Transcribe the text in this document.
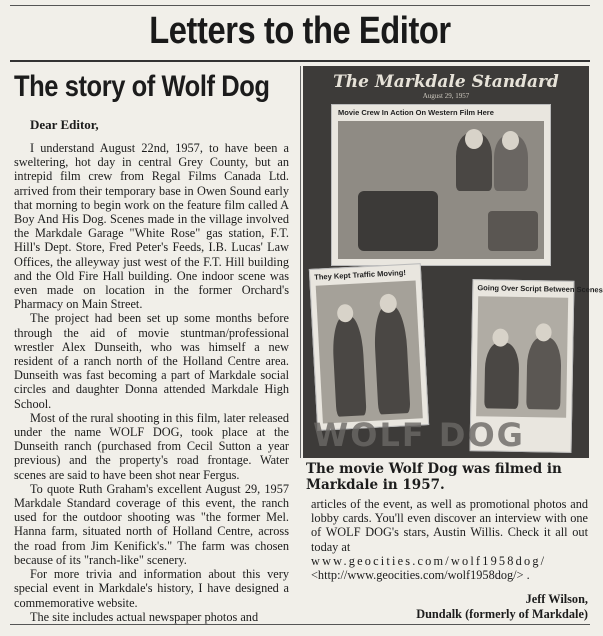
Letters to the Editor
The story of Wolf Dog
Dear Editor,

I understand August 22nd, 1957, to have been a sweltering, hot day in central Grey County, but an intrepid film crew from Regal Films Canada Ltd. arrived from their temporary base in Owen Sound early that morning to begin work on the feature film called A Boy And His Dog. Scenes made in the village involved the Markdale Garage "White Rose" gas station, F.T. Hill's Dept. Store, Fred Peter's Feeds, I.B. Lucas' Law Offices, the alleyway just west of the F.T. Hill building and the Old Fire Hall building. One indoor scene was even made on location in the former Orchard's Pharmacy on Main Street.

The project had been set up some months before through the aid of movie stuntman/professional wrestler Alex Dunseith, who was himself a new resident of a ranch north of the Holland Centre area. Dunseith was fast becoming a part of Markdale social circles and daughter Donna attended Markdale High School.

Most of the rural shooting in this film, later released under the name WOLF DOG, took place at the Dunseith ranch (purchased from Cecil Sutton a year previous) and the property's road frontage. Water scenes are said to have been shot near Fergus.

To quote Ruth Graham's excellent August 29, 1957 Markdale Standard coverage of this event, the ranch used for the outdoor shooting was "the former Mel. Hanna farm, situated north of Holland Centre, across the road from Jim Kenifick's." The farm was chosen because of its "ranch-like" scenery.

For more trivia and information about this very special event in Markdale's history, I have designed a commemorative website.

The site includes actual newspaper photos and

The Markdale Standard
August 29, 1957
Movie Crew In Action On Western Film Here
They Kept Traffic Moving!
Going Over Script Between Scenes
WOLF DOG
The movie Wolf Dog was filmed in Markdale in 1957.

articles of the event, as well as promotional photos and lobby cards. You'll even discover an interview with one of WOLF DOG's stars, Austin Willis. Check it all out today at

www.geocities.com/wolf1958dog/

<http://www.geocities.com/wolf1958dog/> .

Jeff Wilson,
Dundalk (formerly of Markdale)
